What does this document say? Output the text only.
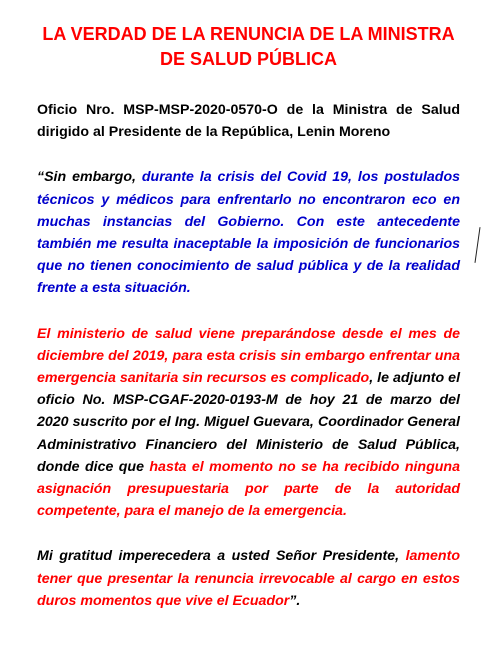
LA VERDAD DE LA RENUNCIA DE LA MINISTRA
DE SALUD PÚBLICA

Oficio Nro. MSP-MSP-2020-0570-O de la Ministra de Salud dirigido al Presidente de la República, Lenin Moreno

“Sin embargo, durante la crisis del Covid 19, los postulados técnicos y médicos para enfrentarlo no encontraron eco en muchas instancias del Gobierno. Con este antecedente también me resulta inaceptable la imposición de funcionarios que no tienen conocimiento de salud pública y de la realidad frente a esta situación.

El ministerio de salud viene preparándose desde el mes de diciembre del 2019, para esta crisis sin embargo enfrentar una emergencia sanitaria sin recursos es complicado, le adjunto el oficio No. MSP-CGAF-2020-0193-M de hoy 21 de marzo del 2020 suscrito por el Ing. Miguel Guevara, Coordinador General Administrativo Financiero del Ministerio de Salud Pública, donde dice que hasta el momento no se ha recibido ninguna asignación presupuestaria por parte de la autoridad competente, para el manejo de la emergencia.

Mi gratitud imperecedera a usted Señor Presidente, lamento tener que presentar la renuncia irrevocable al cargo en estos duros momentos que vive el Ecuador”.
